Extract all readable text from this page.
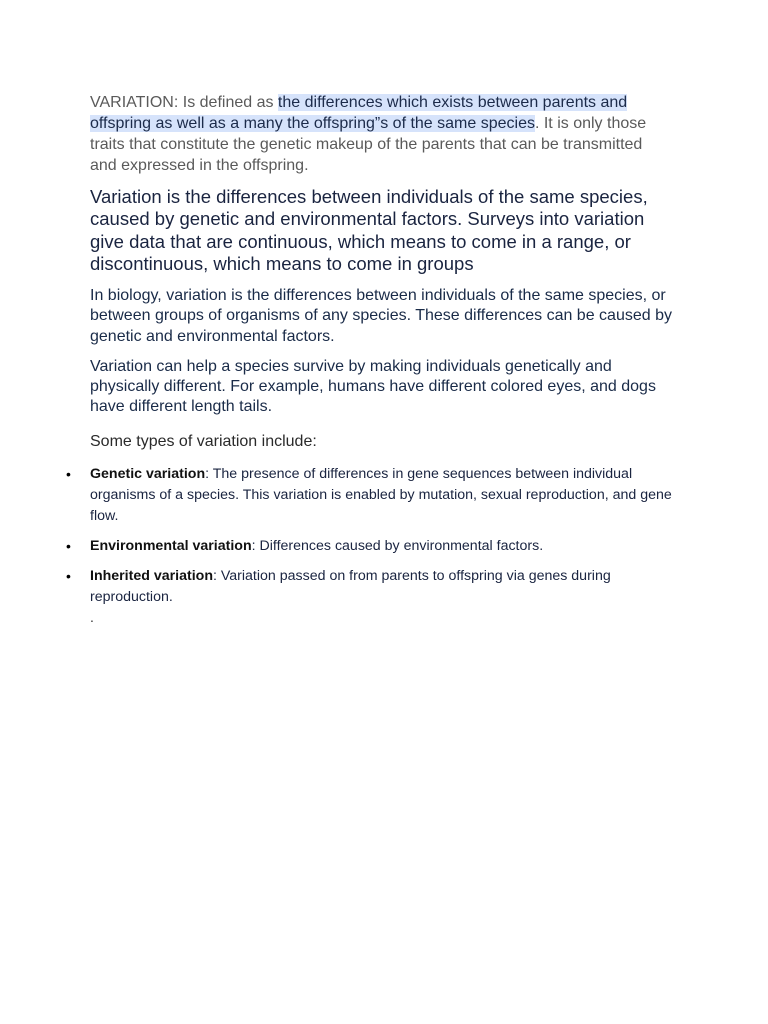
VARIATION: Is defined as the differences which exists between parents and offspring as well as a many the offspring”s of the same species. It is only those traits that constitute the genetic makeup of the parents that can be transmitted and expressed in the offspring.

Variation is the differences between individuals of the same species, caused by genetic and environmental factors. Surveys into variation give data that are continuous, which means to come in a range, or discontinuous, which means to come in groups

In biology, variation is the differences between individuals of the same species, or between groups of organisms of any species. These differences can be caused by genetic and environmental factors.

Variation can help a species survive by making individuals genetically and physically different. For example, humans have different colored eyes, and dogs have different length tails.

Some types of variation include:

• Genetic variation: The presence of differences in gene sequences between individual organisms of a species. This variation is enabled by mutation, sexual reproduction, and gene flow.
• Environmental variation: Differences caused by environmental factors.
• Inherited variation: Variation passed on from parents to offspring via genes during reproduction.

.
